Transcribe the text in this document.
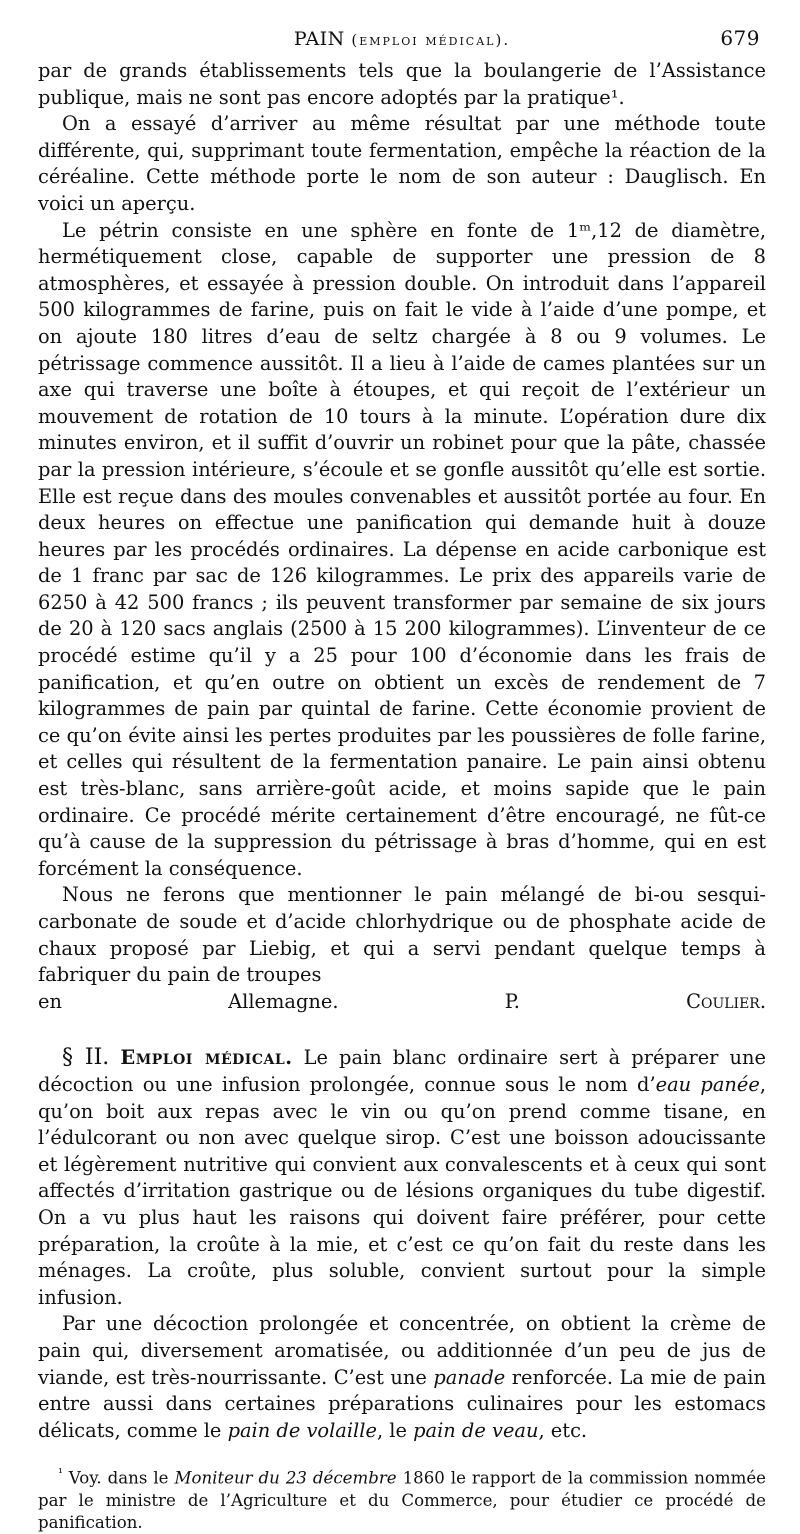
PAIN (emploi médical).	679

par de grands établissements tels que la boulangerie de l’Assistance publique, mais ne sont pas encore adoptés par la pratique¹.

On a essayé d’arriver au même résultat par une méthode toute différente, qui, supprimant toute fermentation, empêche la réaction de la céréaline. Cette méthode porte le nom de son auteur : Dauglisch. En voici un aperçu.

Le pétrin consiste en une sphère en fonte de 1ᵐ,12 de diamètre, hermétiquement close, capable de supporter une pression de 8 atmosphères, et essayée à pression double. On introduit dans l’appareil 500 kilogrammes de farine, puis on fait le vide à l’aide d’une pompe, et on ajoute 180 litres d’eau de seltz chargée à 8 ou 9 volumes. Le pétrissage commence aussitôt. Il a lieu à l’aide de cames plantées sur un axe qui traverse une boîte à étoupes, et qui reçoit de l’extérieur un mouvement de rotation de 10 tours à la minute. L’opération dure dix minutes environ, et il suffit d’ouvrir un robinet pour que la pâte, chassée par la pression intérieure, s’écoule et se gonfle aussitôt qu’elle est sortie. Elle est reçue dans des moules convenables et aussitôt portée au four. En deux heures on effectue une panification qui demande huit à douze heures par les procédés ordinaires. La dépense en acide carbonique est de 1 franc par sac de 126 kilogrammes. Le prix des appareils varie de 6250 à 42 500 francs ; ils peuvent transformer par semaine de six jours de 20 à 120 sacs anglais (2500 à 15 200 kilogrammes). L’inventeur de ce procédé estime qu’il y a 25 pour 100 d’économie dans les frais de panification, et qu’en outre on obtient un excès de rendement de 7 kilogrammes de pain par quintal de farine. Cette économie provient de ce qu’on évite ainsi les pertes produites par les poussières de folle farine, et celles qui résultent de la fermentation panaire. Le pain ainsi obtenu est très-blanc, sans arrière-goût acide, et moins sapide que le pain ordinaire. Ce procédé mérite certainement d’être encouragé, ne fût-ce qu’à cause de la suppression du pétrissage à bras d’homme, qui en est forcément la conséquence.

Nous ne ferons que mentionner le pain mélangé de bi-ou sesqui-carbonate de soude et d’acide chlorhydrique ou de phosphate acide de chaux proposé par Liebig, et qui a servi pendant quelque temps à fabriquer du pain de troupes

en Allemagne.	P. Coulier.

§ II. Emploi médical. Le pain blanc ordinaire sert à préparer une décoction ou une infusion prolongée, connue sous le nom d’eau panée, qu’on boit aux repas avec le vin ou qu’on prend comme tisane, en l’édulcorant ou non avec quelque sirop. C’est une boisson adoucissante et légèrement nutritive qui convient aux convalescents et à ceux qui sont affectés d’irritation gastrique ou de lésions organiques du tube digestif. On a vu plus haut les raisons qui doivent faire préférer, pour cette préparation, la croûte à la mie, et c’est ce qu’on fait du reste dans les ménages. La croûte, plus soluble, convient surtout pour la simple infusion.

Par une décoction prolongée et concentrée, on obtient la crème de pain qui, diversement aromatisée, ou additionnée d’un peu de jus de viande, est très-nourrissante. C’est une panade renforcée. La mie de pain entre aussi dans certaines préparations culinaires pour les estomacs délicats, comme le pain de volaille, le pain de veau, etc.

$^{^1}$ Voy. dans le Moniteur du 23 décembre 1860 le rapport de la commission nommée par le ministre de l’Agriculture et du Commerce, pour étudier ce procédé de panification.
